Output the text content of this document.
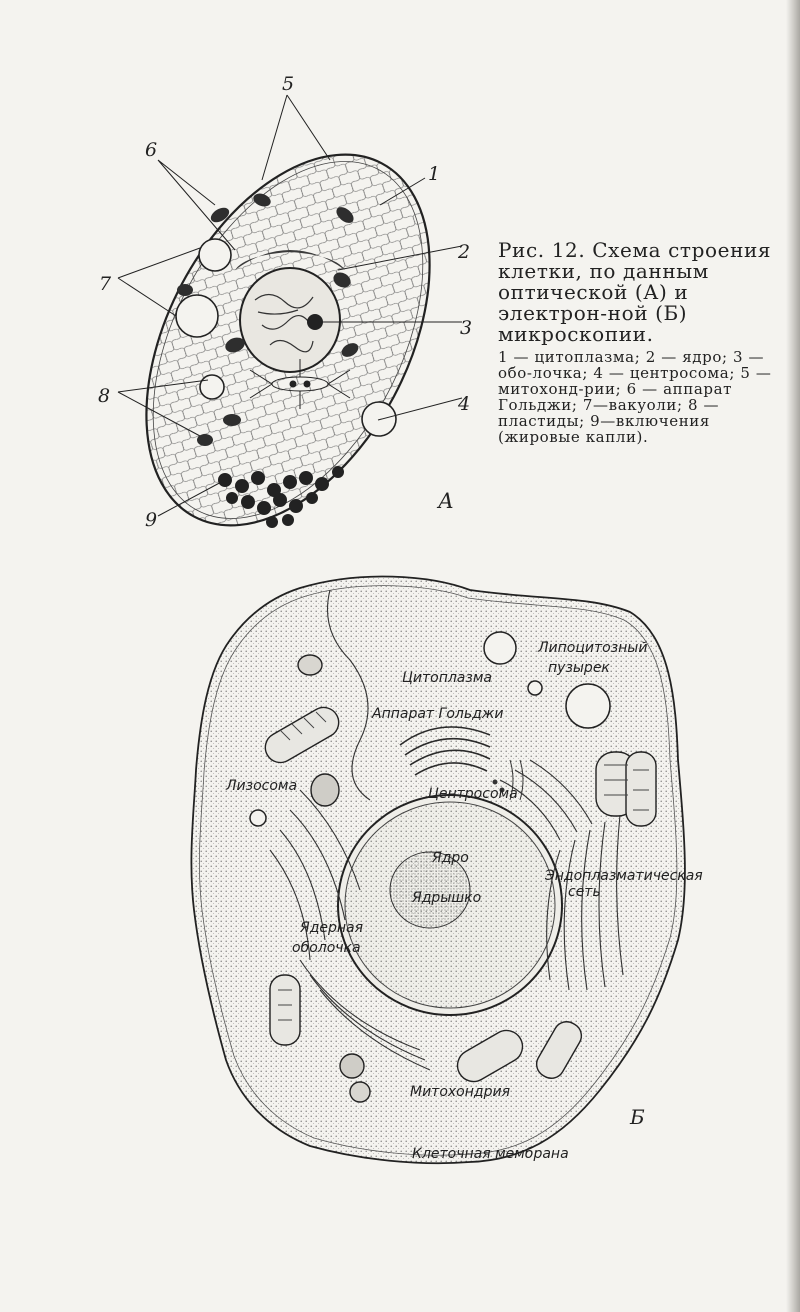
5
6
1
2
7
3
8	4
9
А
Цитоплазма
Липоцитозный
пузырек
Аппарат Гольджи
Лизосома	Центросома
Ядро
Ядрышко
Эндоплазматическая
сеть
Ядерная
оболочка
Митохондрия
Клеточная мембрана
Б

Рис. 12. Схема строения клетки, по данным оптической (А) и электрон-ной (Б) микроскопии.

1 — цитоплазма; 2 — ядро; 3 — обо-лочка; 4 — центросома; 5 — митохонд-рии; 6 — аппарат Гольджи; 7—вакуоли; 8 — пластиды; 9—включения (жировые капли).
